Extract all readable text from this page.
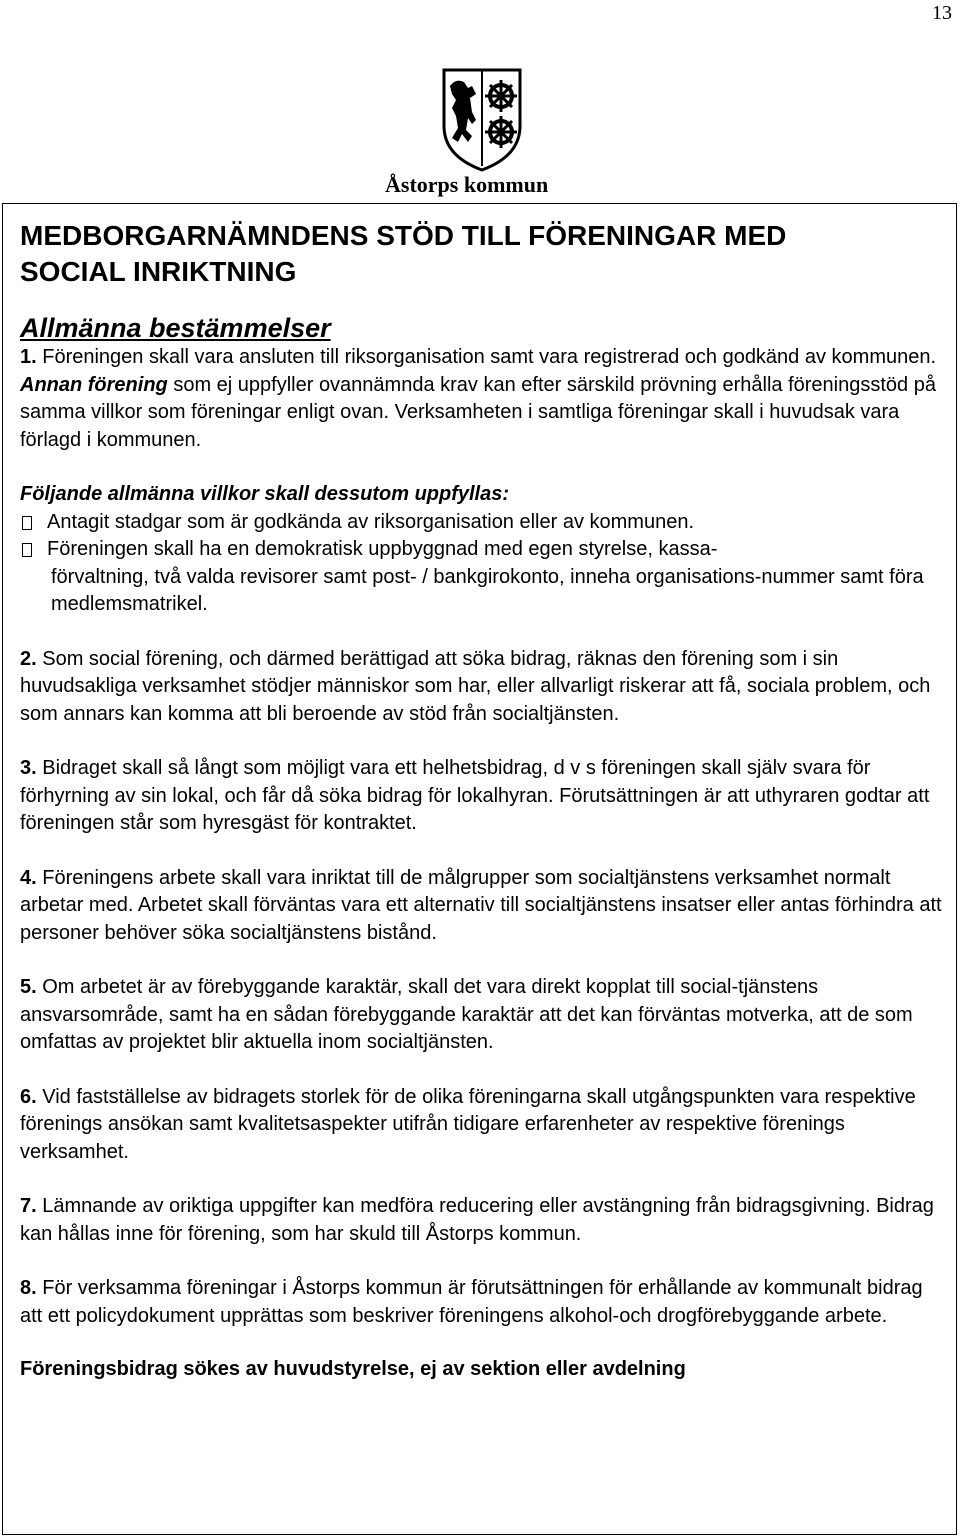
13
Åstorps kommun
MEDBORGARNÄMNDENS STÖD TILL FÖRENINGAR MED
SOCIAL INRIKTNING
Allmänna bestämmelser

1. Föreningen skall vara ansluten till riksorganisation samt vara registrerad och godkänd av kommunen. Annan förening som ej uppfyller ovannämnda krav kan efter särskild prövning erhålla föreningsstöd på samma villkor som föreningar enligt ovan. Verksamheten i samtliga föreningar skall i huvudsak vara förlagd i kommunen.

Följande allmänna villkor skall dessutom uppfyllas:

Antagit stadgar som är godkända av riksorganisation eller av kommunen.
Föreningen skall ha en demokratisk uppbyggnad med egen styrelse, kassa-
förvaltning, två valda revisorer samt post- / bankgirokonto, inneha organisations-nummer samt föra medlemsmatrikel.

2. Som social förening, och därmed berättigad att söka bidrag, räknas den förening som i sin huvudsakliga verksamhet stödjer människor som har, eller allvarligt riskerar att få, sociala problem, och som annars kan komma att bli beroende av stöd från socialtjänsten.

3. Bidraget skall så långt som möjligt vara ett helhetsbidrag, d v s föreningen skall själv svara för förhyrning av sin lokal, och får då söka bidrag för lokalhyran. Förutsättningen är att uthyraren godtar att föreningen står som hyresgäst för kontraktet.

4. Föreningens arbete skall vara inriktat till de målgrupper som socialtjänstens verksamhet normalt arbetar med. Arbetet skall förväntas vara ett alternativ till socialtjänstens insatser eller antas förhindra att personer behöver söka socialtjänstens bistånd.

5. Om arbetet är av förebyggande karaktär, skall det vara direkt kopplat till social-tjänstens ansvarsområde, samt ha en sådan förebyggande karaktär att det kan förväntas motverka, att de som omfattas av projektet blir aktuella inom socialtjänsten.

6. Vid fastställelse av bidragets storlek för de olika föreningarna skall utgångspunkten vara respektive förenings ansökan samt kvalitetsaspekter utifrån tidigare erfarenheter av respektive förenings verksamhet.

7. Lämnande av oriktiga uppgifter kan medföra reducering eller avstängning från bidragsgivning. Bidrag kan hållas inne för förening, som har skuld till Åstorps kommun.

8. För verksamma föreningar i Åstorps kommun är förutsättningen för erhållande av kommunalt bidrag att ett policydokument upprättas som beskriver föreningens alkohol-och drogförebyggande arbete.

Föreningsbidrag sökes av huvudstyrelse, ej av sektion eller avdelning
